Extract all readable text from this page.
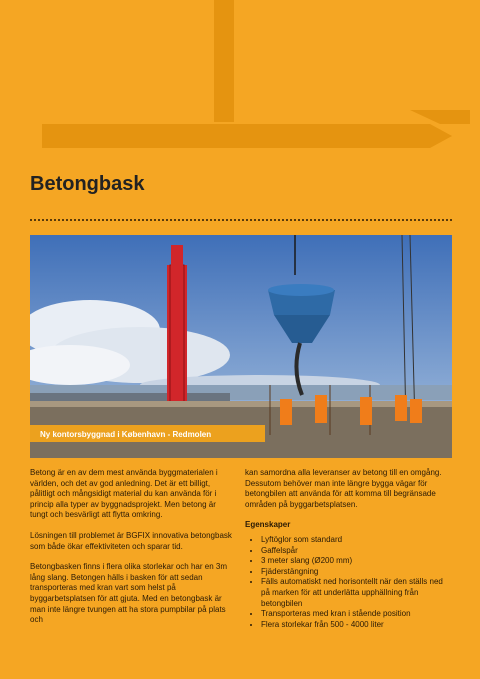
Betongbask
Ny kontorsbyggnad i København - Redmolen

Betong är en av dem mest använda byggmaterialen i världen, och det av god anledning. Det är ett billigt, pålitligt och mångsidigt material du kan använda för i princip alla typer av byggnadsprojekt. Men betong är tungt och besvärligt att flytta omkring.

Lösningen till problemet är BGFIX innovativa betongbask som både ökar effektiviteten och sparar tid.

Betongbasken finns i flera olika storlekar och har en 3m lång slang. Betongen hälls i basken för att sedan transporteras med kran vart som helst på byggarbetsplatsen för att gjuta. Med en betongbask är man inte längre tvungen att ha stora pumpbilar på plats och

kan samordna alla leveranser av betong till en omgång. Dessutom behöver man inte längre bygga vägar för betongbilen att använda för att komma till begränsade områden på byggarbetsplatsen.

Egenskaper
• Lyftöglor som standard
• Gaffelspår
• 3 meter slang (Ø200 mm)
• Fjäderstängning
• Fälls automatiskt ned horisontellt när den ställs ned på marken för att underlätta upphällning från betongbilen
• Transporteras med kran i stående position
• Flera storlekar från 500 - 4000 liter
